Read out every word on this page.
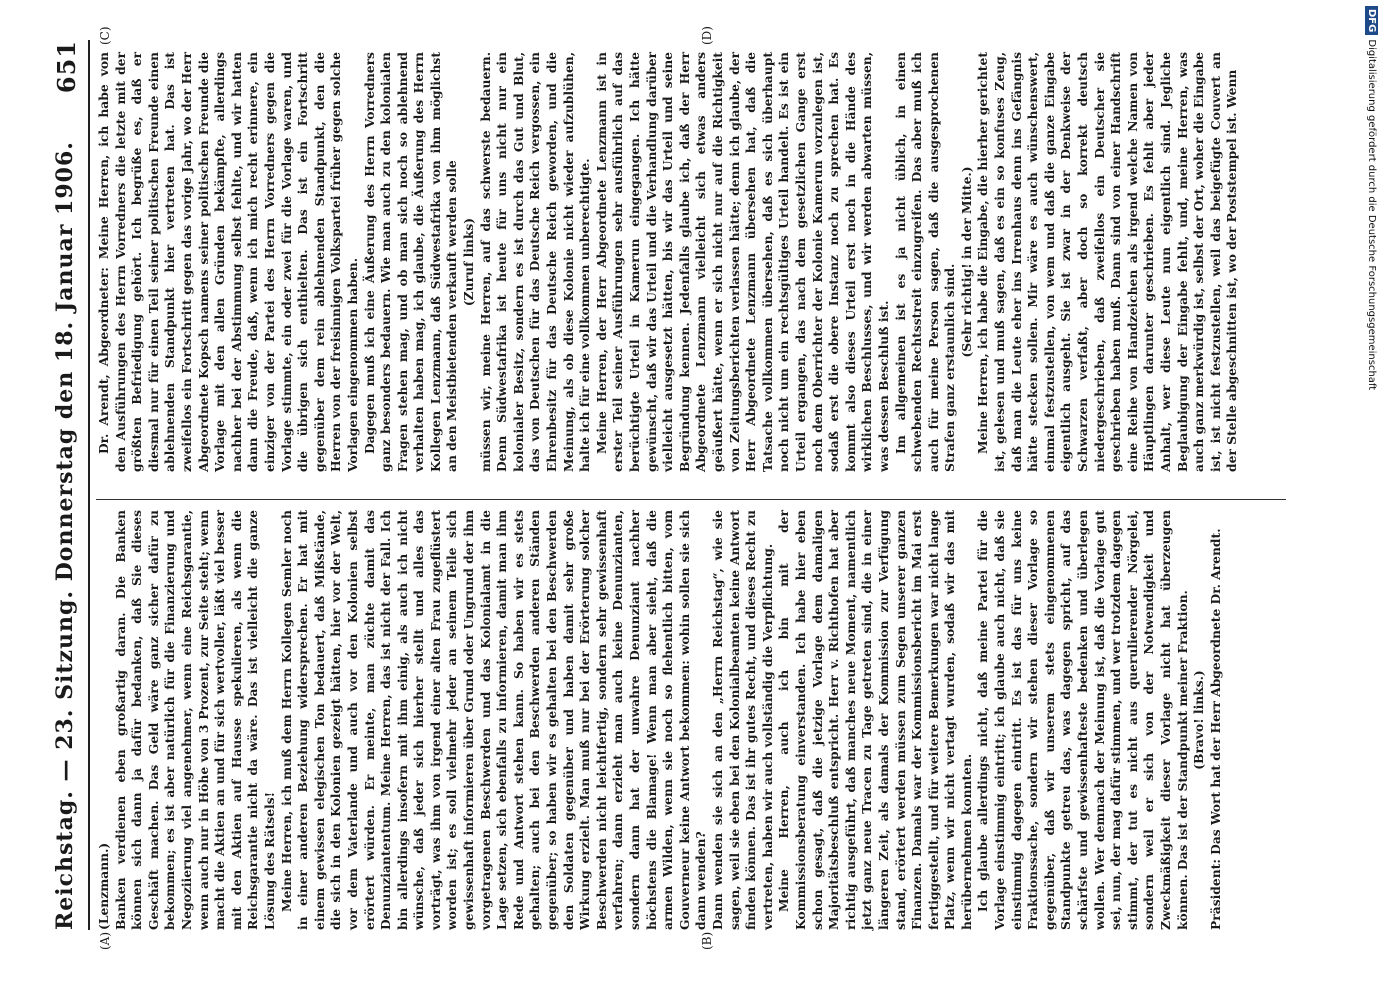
Reichstag. — 23. Sitzung. Donnerstag den 18. Januar 1906.
651

(Lenzmann.) Banken verdienen eben großartig daran. Die Banken können sich dann ja dafür bedanken, daß Sie dieses Geschäft machen. Das Geld wäre ganz sicher dafür zu bekommen; es ist aber natürlich für die Finanzierung und Negoziierung viel angenehmer, wenn eine Reichsgarantie, wenn auch nur in Höhe von 3 Prozent, zur Seite steht; wenn macht die Aktien an und für sich wertvoller, läßt viel besser mit den Aktien auf Hausse spekulieren, als wenn die Reichsgarantie nicht da wäre. Das ist vielleicht die ganze Lösung des Rätsels! Meine Herren, ich muß dem Herrn Kollegen Semler noch in einer anderen Beziehung widersprechen. Er hat mit einem gewissen elegischen Ton bedauert, daß Mißstände, die sich in den Kolonien gezeigt hätten, hier vor der Welt, vor dem Vaterlande und auch vor den Kolonien selbst erörtert würden. Er meinte, man züchte damit das Denunziantentum. Meine Herren, das ist nicht der Fall. Ich bin allerdings insofern mit ihm einig, als auch ich nicht wünsche, daß jeder sich hierher stellt und alles das vorträgt, was ihm von irgend einer alten Frau zugeflüstert worden ist; es soll vielmehr jeder an seinem Teile sich gewissenhaft informieren über Grund oder Ungrund der ihm vorgetragenen Beschwerden und das Kolonialamt in die Lage setzen, sich ebenfalls zu informieren, damit man ihm Rede und Antwort stehen kann. So haben wir es stets gehalten; auch bei den Beschwerden anderen Ständen gegenüber; so haben wir es gehalten bei den Beschwerden den Soldaten gegenüber und haben damit sehr große Wirkung erzielt. Man muß nur bei der Erörterung solcher Beschwerden nicht leichtfertig, sondern sehr gewissenhaft verfahren; dann erzieht man auch keine Denunzianten, sondern dann hat der unwahre Denunziant nachher höchstens die Blamage! Wenn man aber sieht, daß die armen Wilden, wenn sie noch so flehentlich bitten, vom Gouverneur keine Antwort bekommen: wohin sollen sie sich dann wenden? Dann wenden sie sich an den „Herrn Reichstag“, wie sie sagen, weil sie eben bei den Kolonialbeamten keine Antwort finden können. Das ist ihr gutes Recht, und dieses Recht zu vertreten, haben wir auch vollständig die Verpflichtung. Meine Herren, auch ich bin mit der Kommissionsberatung einverstanden. Ich habe hier eben schon gesagt, daß die jetzige Vorlage dem damaligen Majoritätsbeschluß entspricht. Herr v. Richthofen hat aber richtig ausgeführt, daß manches neue Moment, namentlich jetzt ganz neue Tracen zu Tage getreten sind, die in einer längeren Zeit, als damals der Kommission zur Verfügung stand, erörtert werden müssen zum Segen unserer ganzen Finanzen. Damals war der Kommissionsbericht im Mai erst fertiggestellt, und für weitere Bemerkungen war nicht lange Platz, wenn wir nicht vertagt wurden, sodaß wir das mit herübernehmen konnten. Ich glaube allerdings nicht, daß meine Partei für die Vorlage einstimmig eintritt; ich glaube auch nicht, daß sie einstimmig dagegen eintritt. Es ist das für uns keine Fraktionssache, sondern wir stehen dieser Vorlage so gegenüber, daß wir unserem stets eingenommenen Standpunkte getreu das, was dagegen spricht, auf das schärfste und gewissenhafteste bedenken und überlegen wollen. Wer demnach der Meinung ist, daß die Vorlage gut sei, nun, der mag dafür stimmen, und wer trotzdem dagegen stimmt, der tut es nicht aus querulierender Nörgelei, sondern weil er sich von der Notwendigkeit und Zweckmäßigkeit dieser Vorlage nicht hat überzeugen können. Das ist der Standpunkt meiner Fraktion. (Bravo! links.) Präsident: Das Wort hat der Herr Abgeordnete Dr. Arendt.

Dr. Arendt, Abgeordneter: Meine Herren, ich habe von den Ausführungen des Herrn Vorredners die letzte mit der größten Befriedigung gehört. Ich begrüße es, daß er diesmal nur für einen Teil seiner politischen Freunde einen ablehnenden Standpunkt hier vertreten hat. Das ist zweifellos ein Fortschritt gegen das vorige Jahr, wo der Herr Abgeordnete Kopsch namens seiner politischen Freunde die Vorlage mit den allen Gründen bekämpfte, allerdings nachher bei der Abstimmung selbst fehlte, und wir hatten dann die Freude, daß, wenn ich mich recht erinnere, ein einziger von der Partei des Herrn Vorredners gegen die Vorlage stimmte, ein oder zwei für die Vorlage waren, und die übrigen sich enthielten. Das ist ein Fortschritt gegenüber dem rein ablehnenden Standpunkt, den die Herren von der freisinnigen Volkspartei früher gegen solche Vorlagen eingenommen haben. Dagegen muß ich eine Äußerung des Herrn Vorredners ganz besonders bedauern. Wie man auch zu den kolonialen Fragen stehen mag, und ob man sich noch so ablehnend verhalten haben mag, ich glaube, die Äußerung des Herrn Kollegen Lenzmann, daß Südwestafrika von ihm möglichst an den Meistbietenden verkauft werden solle (Zuruf links) müssen wir, meine Herren, auf das schwerste bedauern. Denn Südwestafrika ist heute für uns nicht nur ein kolonialer Besitz, sondern es ist durch das Gut und Blut, das von Deutschen für das Deutsche Reich vergossen, ein Ehrenbesitz für das Deutsche Reich geworden, und die Meinung, als ob diese Kolonie nicht wieder aufzublühen, halte ich für eine vollkommen unberechtigte. Meine Herren, der Herr Abgeordnete Lenzmann ist in erster Teil seiner Ausführungen sehr ausführlich auf das berüchtigte Urteil in Kamerun eingegangen. Ich hätte gewünscht, daß wir das Urteil und die Verhandlung darüber vielleicht ausgesetzt hätten, bis wir das Urteil und seine Begründung kennen. Jedenfalls glaube ich, daß der Herr Abgeordnete Lenzmann vielleicht sich etwas anders geäußert hätte, wenn er sich nicht nur auf die Richtigkeit von Zeitungsberichten verlassen hätte; denn ich glaube, der Herr Abgeordnete Lenzmann übersehen hat, daß die Tatsache vollkommen übersehen, daß es sich überhaupt noch nicht um ein rechtsgültiges Urteil handelt. Es ist ein Urteil ergangen, das nach dem gesetzlichen Gange erst noch dem Oberrichter der Kolonie Kamerun vorzulegen ist, sodaß erst die obere Instanz noch zu sprechen hat. Es kommt also dieses Urteil erst noch in die Hände des wirklichen Beschlusses, und wir werden abwarten müssen, was dessen Beschluß ist. Im allgemeinen ist es ja nicht üblich, in einen schwebenden Rechtsstreit einzugreifen. Das aber muß ich auch für meine Person sagen, daß die ausgesprochenen Strafen ganz erstaunlich sind.

(Sehr richtig! in der Mitte.) Meine Herren, ich habe die Eingabe, die hierher gerichtet ist, gelesen und muß sagen, daß es ein so konfuses Zeug, daß man die Leute eher ins Irrenhaus denn ins Gefängnis hätte stecken sollen. Mir wäre es auch wünschenswert, einmal festzustellen, von wem und daß die ganze Eingabe eigentlich ausgeht. Sie ist zwar in der Denkweise der Schwarzen verfaßt, aber doch so korrekt deutsch niedergeschrieben, daß zweifellos ein Deutscher sie geschrieben haben muß. Dann sind von einer Handschrift eine Reihe von Handzeichen als irgend welche Namen von Häuptlingen darunter geschrieben. Es fehlt aber jeder Anhalt, wer diese Leute nun eigentlich sind. Jegliche Beglaubigung der Eingabe fehlt, und, meine Herren, was auch ganz merkwürdig ist, selbst der Ort, woher die Eingabe ist, ist nicht festzustellen, weil das beigefügte Couvert an der Stelle abgeschnitten ist, wo der Poststempel ist. Wenn

(A)	(B)
(C)	(D)
DFGDigitalisierung gefördert durch die Deutsche Forschungsgemeinschaft
